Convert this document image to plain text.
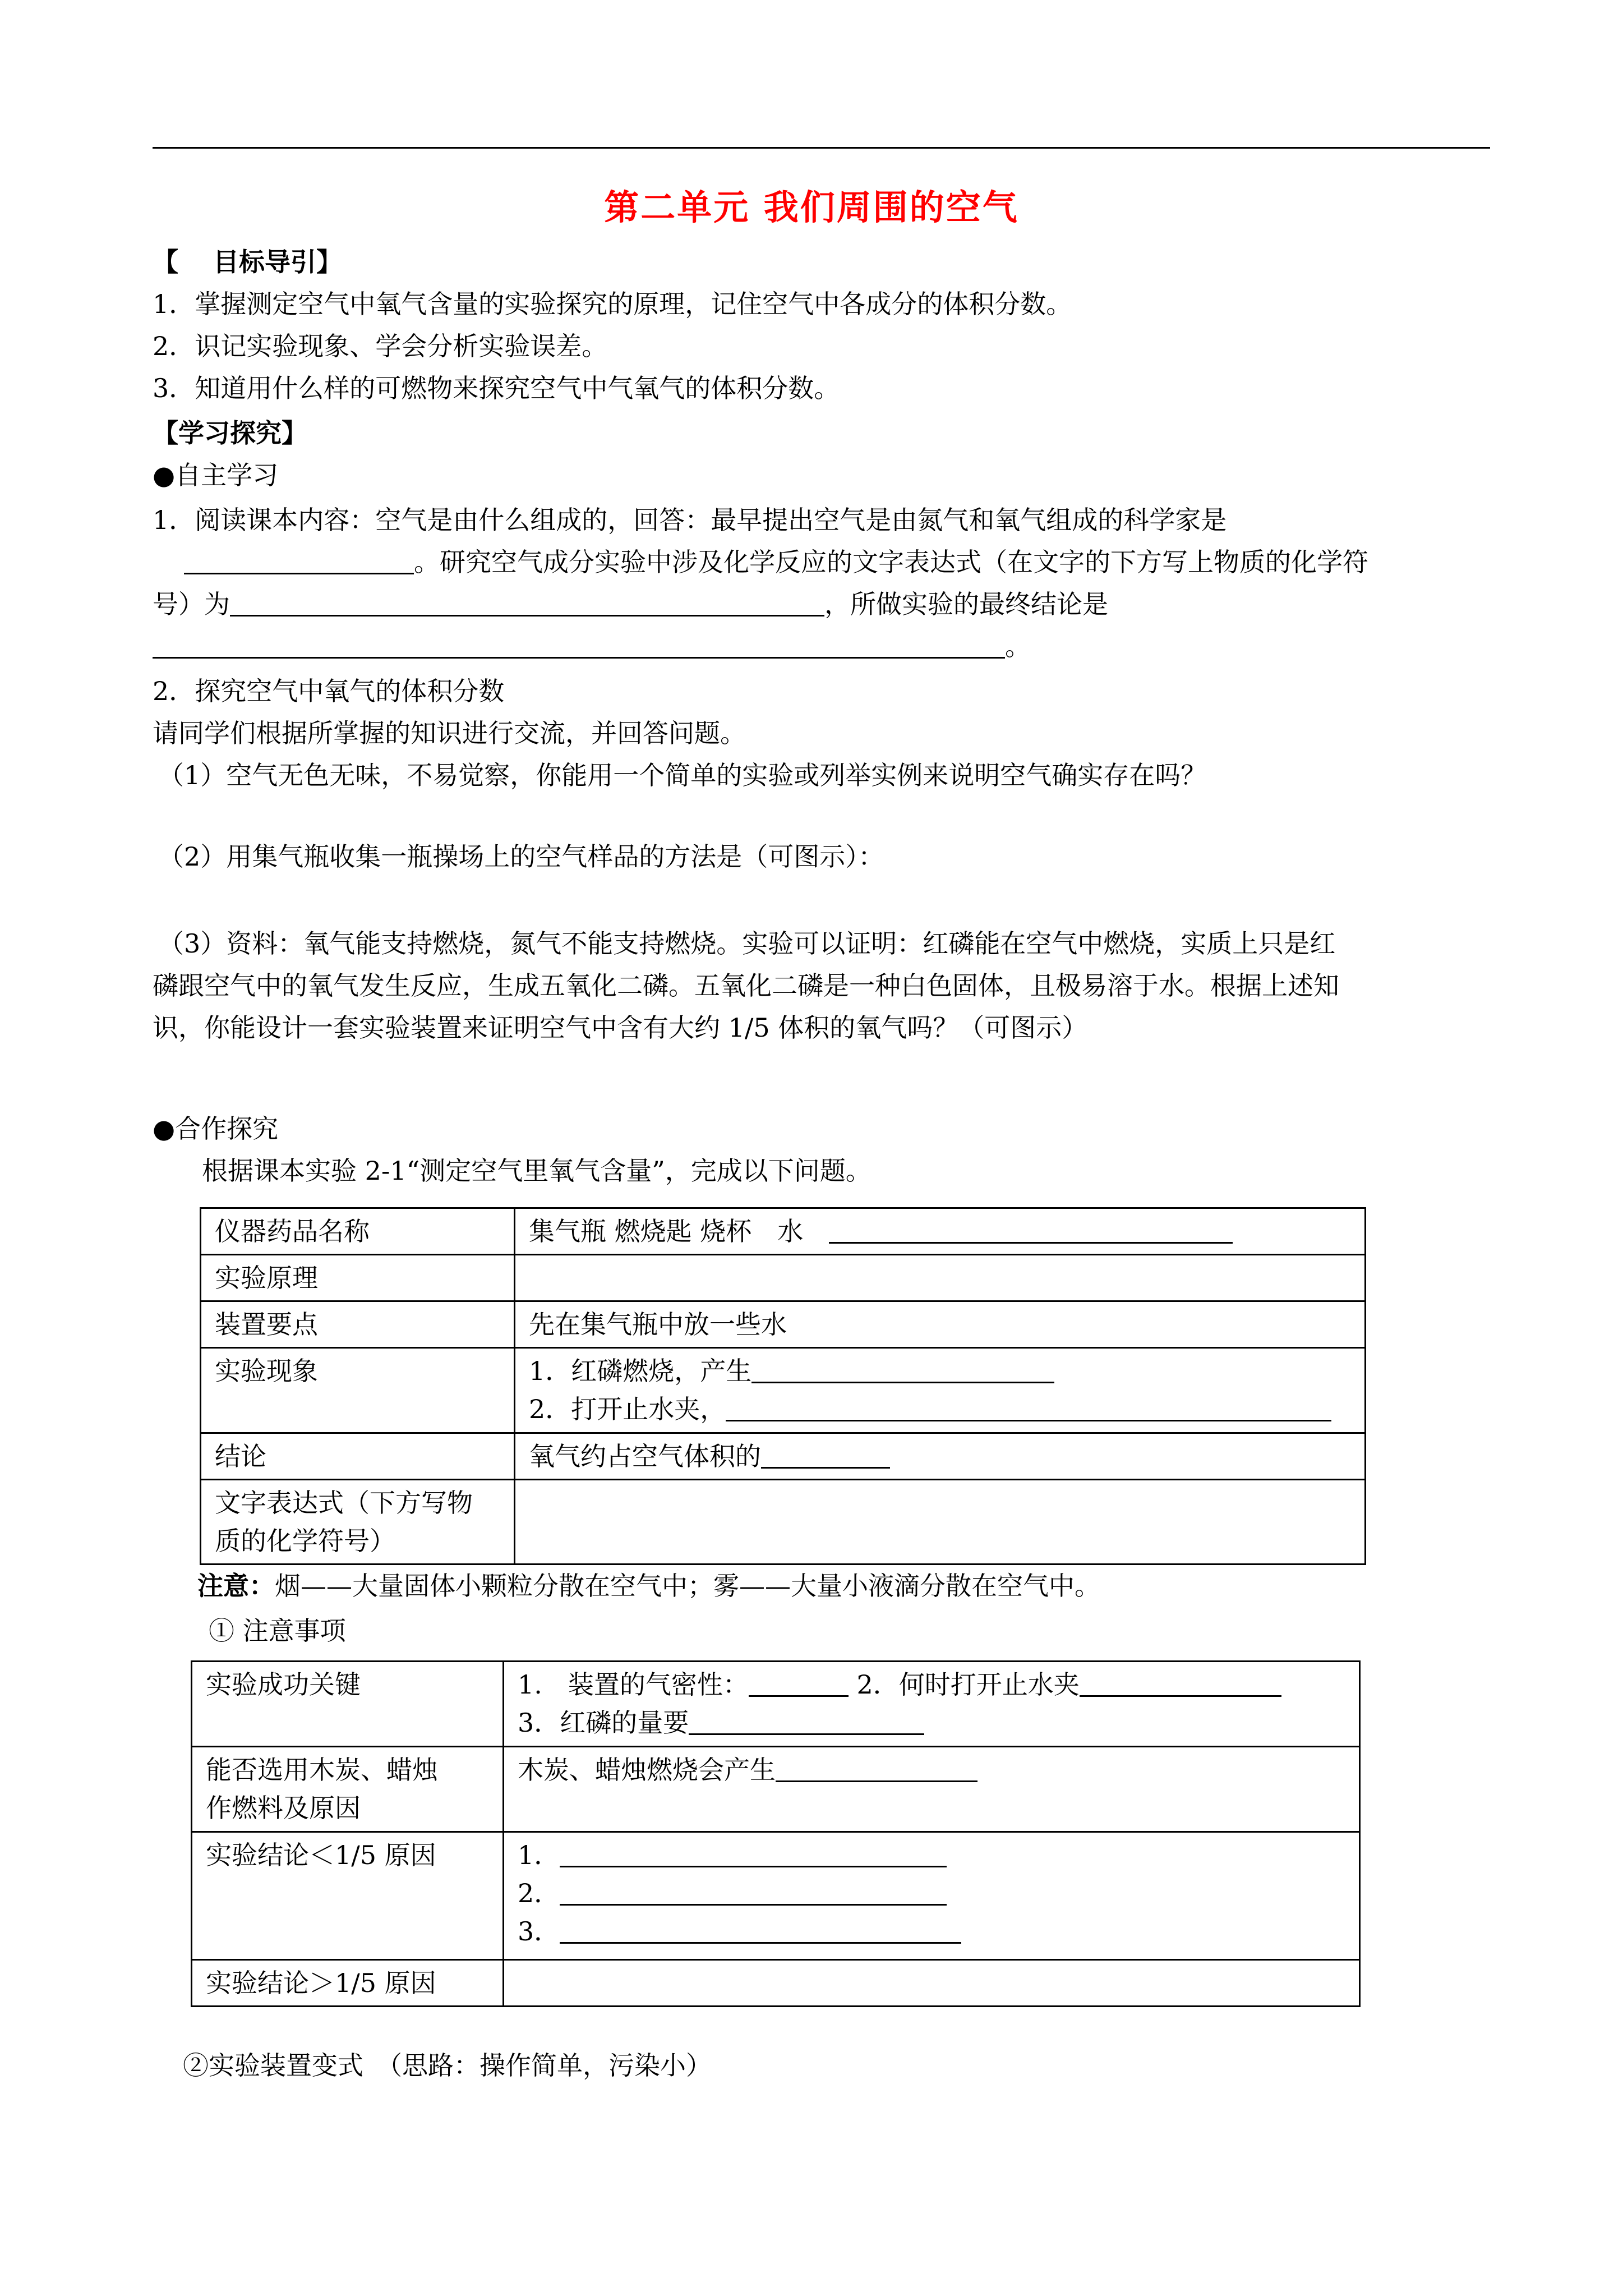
第二单元 我们周围的空气
【　 目标导引】
1．掌握测定空气中氧气含量的实验探究的原理，记住空气中各成分的体积分数。
2．识记实验现象、学会分析实验误差。
3．知道用什么样的可燃物来探究空气中气氧气的体积分数。
【学习探究】
●自主学习
1．阅读课本内容：空气是由什么组成的，回答：最早提出空气是由氮气和氧气组成的科学家是
。研究空气成分实验中涉及化学反应的文字表达式（在文字的下方写上物质的化学符
号）为	，所做实验的最终结论是
。
2．探究空气中氧气的体积分数
请同学们根据所掌握的知识进行交流，并回答问题。
（1）空气无色无味，不易觉察，你能用一个简单的实验或列举实例来说明空气确实存在吗？
（2）用集气瓶收集一瓶操场上的空气样品的方法是（可图示）：
（3）资料：氧气能支持燃烧，氮气不能支持燃烧。实验可以证明：红磷能在空气中燃烧，实质上只是红
磷跟空气中的氧气发生反应，生成五氧化二磷。五氧化二磷是一种白色固体，且极易溶于水。根据上述知
识，你能设计一套实验装置来证明空气中含有大约 1/5 体积的氧气吗？（可图示）
●合作探究
根据课本实验 2-1“测定空气里氧气含量”，完成以下问题。
仪器药品名称	集气瓶 燃烧匙 烧杯　水
实验原理	
装置要点	先在集气瓶中放一些水
实验现象	1．红磷燃烧，产生
2．打开止水夹，

结论	氧气约占空气体积的

文字表达式（下方写物
质的化学符号）	

注意：烟——大量固体小颗粒分散在空气中；雾——大量小液滴分散在空气中。
① 注意事项
实验成功关键	1.　装置的气密性： 2．何时打开止水夹
3．红磷的量要

能否选用木炭、蜡烛
作燃料及原因	木炭、蜡烛燃烧会产生
实验结论＜1/5 原因	1．
2．
3．

实验结论＞1/5 原因	
②实验装置变式　（思路：操作简单，污染小）
